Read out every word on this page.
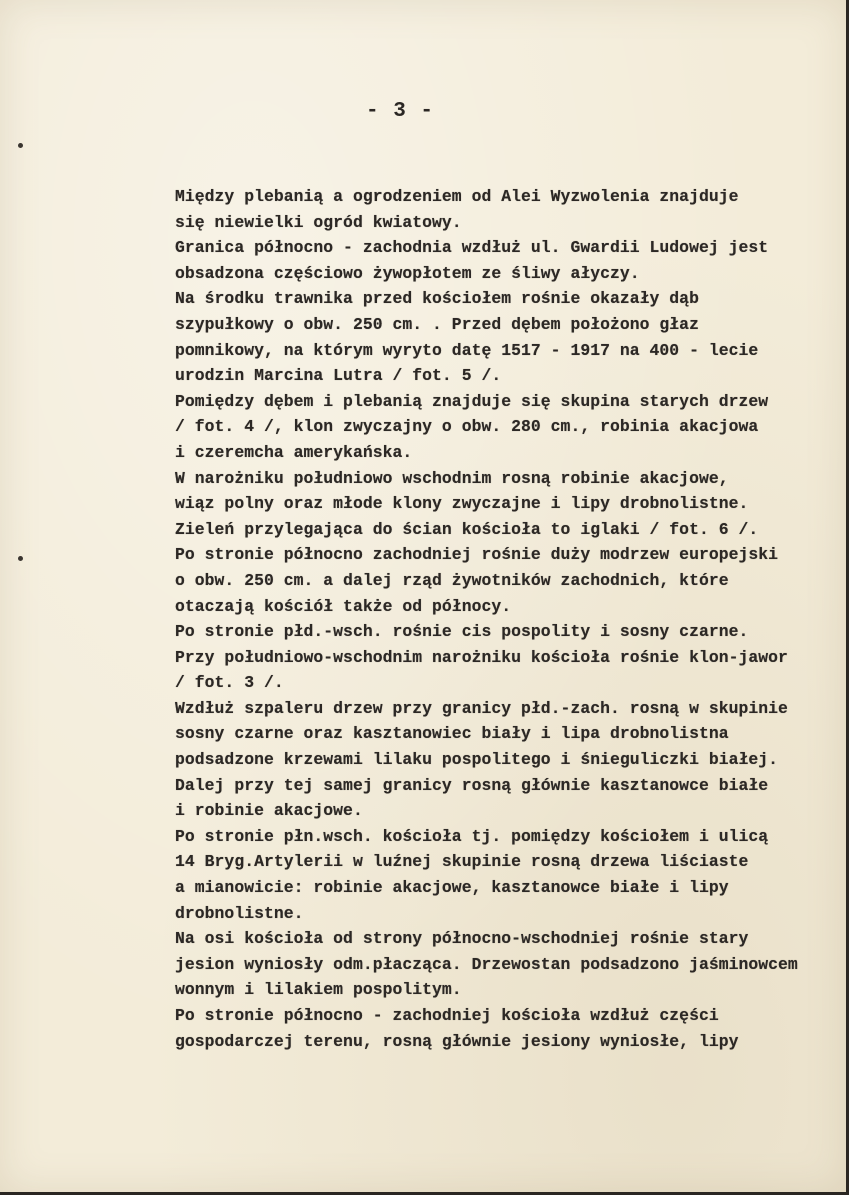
- 3 -
Między plebanią a ogrodzeniem od Alei Wyzwolenia znajduje
się niewielki ogród kwiatowy.
Granica północno - zachodnia wzdłuż ul. Gwardii Ludowej jest
obsadzona częściowo żywopłotem ze śliwy ałyczy.
Na środku trawnika przed kościołem rośnie okazały dąb
szypułkowy o obw. 250 cm. . Przed dębem położono głaz
pomnikowy, na którym wyryto datę 1517 - 1917 na 400 - lecie
urodzin Marcina Lutra / fot. 5 /.
Pomiędzy dębem i plebanią znajduje się skupina starych drzew
/ fot. 4 /, klon zwyczajny o obw. 280 cm., robinia akacjowa
i czeremcha amerykańska.
W narożniku południowo wschodnim rosną robinie akacjowe,
wiąz polny oraz młode klony zwyczajne i lipy drobnolistne.
Zieleń przylegająca do ścian kościoła to iglaki / fot. 6 /.
Po stronie północno zachodniej rośnie duży modrzew europejski
o obw. 250 cm. a dalej rząd żywotników zachodnich, które
otaczają kościół także od północy.
Po stronie płd.-wsch. rośnie cis pospolity i sosny czarne.
Przy południowo-wschodnim narożniku kościoła rośnie klon-jawor
/ fot. 3 /.
Wzdłuż szpaleru drzew przy granicy płd.-zach. rosną w skupinie
sosny czarne oraz kasztanowiec biały i lipa drobnolistna
podsadzone krzewami lilaku pospolitego i śnieguliczki białej.
Dalej przy tej samej granicy rosną głównie kasztanowce białe
i robinie akacjowe.
Po stronie płn.wsch. kościoła tj. pomiędzy kościołem i ulicą
14 Bryg.Artylerii w luźnej skupinie rosną drzewa liściaste
a mianowicie: robinie akacjowe, kasztanowce białe i lipy
drobnolistne.
Na osi kościoła od strony północno-wschodniej rośnie stary
jesion wyniosły odm.płacząca. Drzewostan podsadzono jaśminowcem
wonnym i lilakiem pospolitym.
Po stronie północno - zachodniej kościoła wzdłuż części
gospodarczej terenu, rosną głównie jesiony wyniosłe, lipy
